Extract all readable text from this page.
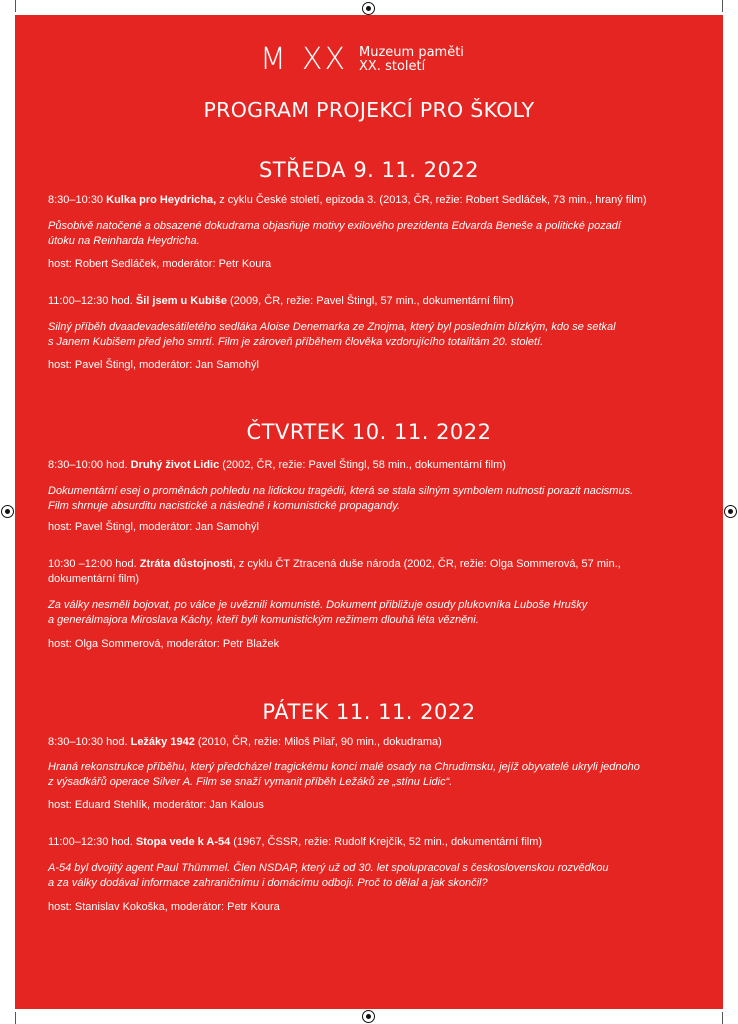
M XX Muzeum paměti
XX. století
PROGRAM PROJEKCÍ PRO ŠKOLY
STŘEDA 9. 11. 2022
8:30–10:30 Kulka pro Heydricha, z cyklu České století, epizoda 3. (2013, ČR, režie: Robert Sedláček, 73 min., hraný film)
Působivě natočené a obsazené dokudrama objasňuje motivy exilového prezidenta Edvarda Beneše a politické pozadí
útoku na Reinharda Heydricha.
host: Robert Sedláček, moderátor: Petr Koura
11:00–12:30 hod. Šil jsem u Kubiše (2009, ČR, režie: Pavel Štingl, 57 min., dokumentární film)
Silný příběh dvaadevadesátiletého sedláka Aloise Denemarka ze Znojma, který byl posledním blízkým, kdo se setkal
s Janem Kubišem před jeho smrtí. Film je zároveň příběhem člověka vzdorujícího totalitám 20. století.
host: Pavel Štingl, moderátor: Jan Samohýl
ČTVRTEK 10. 11. 2022
8:30–10:00 hod. Druhý život Lidic (2002, ČR, režie: Pavel Štingl, 58 min., dokumentární film)
Dokumentární esej o proměnách pohledu na lidickou tragédii, která se stala silným symbolem nutnosti porazit nacismus.
Film shrnuje absurditu nacistické a následně i komunistické propagandy.
host: Pavel Štingl, moderátor: Jan Samohýl
10:30 –12:00 hod. Ztráta důstojnosti, z cyklu ČT Ztracená duše národa (2002, ČR, režie: Olga Sommerová, 57 min.,
dokumentární film)
Za války nesměli bojovat, po válce je uvěznili komunisté. Dokument přibližuje osudy plukovníka Luboše Hrušky
a generálmajora Miroslava Káchy, kteří byli komunistickým režimem dlouhá léta vězněni.
host: Olga Sommerová, moderátor: Petr Blažek
PÁTEK 11. 11. 2022
8:30–10:30 hod. Ležáky 1942 (2010, ČR, režie: Miloš Pilař, 90 min., dokudrama)
Hraná rekonstrukce příběhu, který předcházel tragickému konci malé osady na Chrudimsku, jejíž obyvatelé ukryli jednoho
z výsadkářů operace Silver A. Film se snaží vymanit příběh Ležáků ze „stínu Lidic“.
host: Eduard Stehlík, moderátor: Jan Kalous
11:00–12:30 hod. Stopa vede k A-54 (1967, ČSSR, režie: Rudolf Krejčík, 52 min., dokumentární film)
A-54 byl dvojitý agent Paul Thümmel. Člen NSDAP, který už od 30. let spolupracoval s československou rozvědkou
a za války dodával informace zahraničnímu i domácímu odboji. Proč to dělal a jak skončil?
host: Stanislav Kokoška, moderátor: Petr Koura
